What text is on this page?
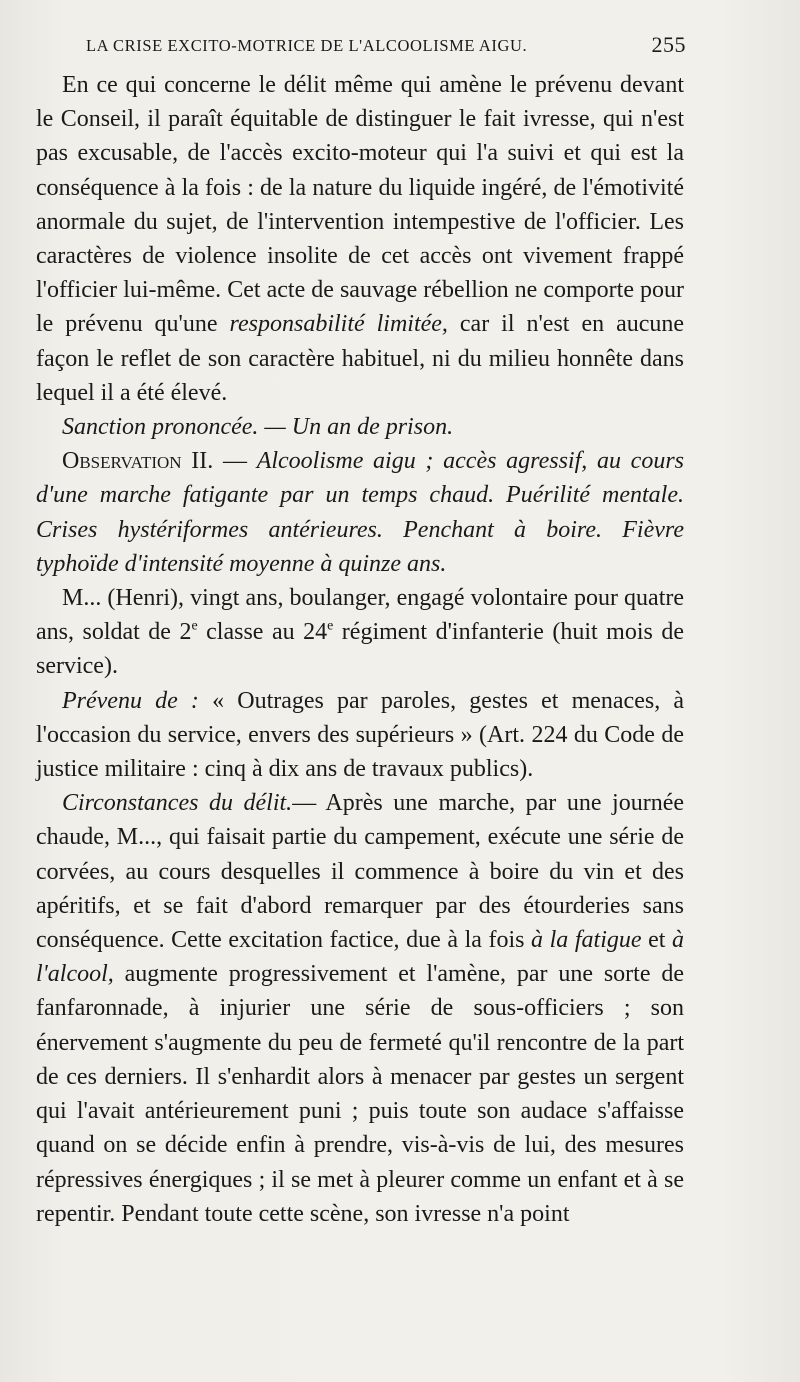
LA CRISE EXCITO-MOTRICE DE L'ALCOOLISME AIGU.	255

En ce qui concerne le délit même qui amène le prévenu devant le Conseil, il paraît équitable de distinguer le fait ivresse, qui n'est pas excusable, de l'accès excito-moteur qui l'a suivi et qui est la conséquence à la fois : de la nature du liquide ingéré, de l'émotivité anormale du sujet, de l'intervention intempestive de l'officier. Les caractères de violence insolite de cet accès ont vivement frappé l'officier lui-même. Cet acte de sauvage rébellion ne comporte pour le prévenu qu'une responsabilité limitée, car il n'est en aucune façon le reflet de son caractère habituel, ni du milieu honnête dans lequel il a été élevé.

Sanction prononcée. — Un an de prison.

Observation II. — Alcoolisme aigu ; accès agressif, au cours d'une marche fatigante par un temps chaud. Puérilité mentale. Crises hystériformes antérieures. Penchant à boire. Fièvre typhoïde d'intensité moyenne à quinze ans.

M... (Henri), vingt ans, boulanger, engagé volontaire pour quatre ans, soldat de 2e classe au 24e régiment d'infanterie (huit mois de service).

Prévenu de : « Outrages par paroles, gestes et menaces, à l'occasion du service, envers des supérieurs » (Art. 224 du Code de justice militaire : cinq à dix ans de travaux publics).

Circonstances du délit.— Après une marche, par une journée chaude, M..., qui faisait partie du campement, exécute une série de corvées, au cours desquelles il commence à boire du vin et des apéritifs, et se fait d'abord remarquer par des étourderies sans conséquence. Cette excitation factice, due à la fois à la fatigue et à l'alcool, augmente progressivement et l'amène, par une sorte de fanfaronnade, à injurier une série de sous-officiers ; son énervement s'augmente du peu de fermeté qu'il rencontre de la part de ces derniers. Il s'enhardit alors à menacer par gestes un sergent qui l'avait antérieurement puni ; puis toute son audace s'affaisse quand on se décide enfin à prendre, vis-à-vis de lui, des mesures répressives énergiques ; il se met à pleurer comme un enfant et à se repentir. Pendant toute cette scène, son ivresse n'a point
